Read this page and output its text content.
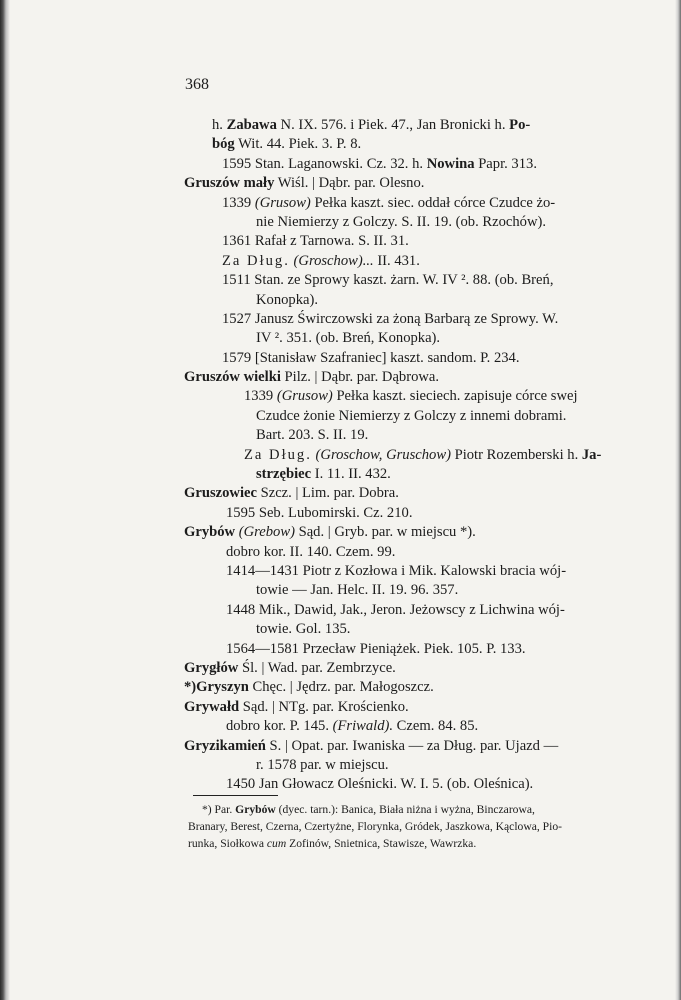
368
h. Zabawa N. IX. 576. i Piek. 47., Jan Bronicki h. Po-
bóg Wit. 44. Piek. 3. P. 8.
1595 Stan. Laganowski. Cz. 32. h. Nowina Papr. 313.
Gruszów mały Wiśl. | Dąbr. par. Olesno.
1339 (Grusow) Pełka kaszt. siec. oddał córce Czudce żo-
nie Niemierzy z Golczy. S. II. 19. (ob. Rzochów).
1361 Rafał z Tarnowa. S. II. 31.
Za Dług. (Groschow)... II. 431.
1511 Stan. ze Sprowy kaszt. żarn. W. IV ². 88. (ob. Breń,
Konopka).
1527 Janusz Świrczowski za żoną Barbarą ze Sprowy. W.
IV ². 351. (ob. Breń, Konopka).
1579 [Stanisław Szafraniec] kaszt. sandom. P. 234.
Gruszów wielki Pilz. | Dąbr. par. Dąbrowa.
1339 (Grusow) Pełka kaszt. sieciech. zapisuje córce swej
Czudce żonie Niemierzy z Golczy z innemi dobrami.
Bart. 203. S. II. 19.
Za Dług. (Groschow, Gruschow) Piotr Rozemberski h. Ja-
strzębiec I. 11. II. 432.
Gruszowiec Szcz. | Lim. par. Dobra.
1595 Seb. Lubomirski. Cz. 210.
Grybów (Grebow) Sąd. | Gryb. par. w miejscu *).
dobro kor. II. 140. Czem. 99.
1414—1431 Piotr z Kozłowa i Mik. Kalowski bracia wój-
towie — Jan. Helc. II. 19. 96. 357.
1448 Mik., Dawid, Jak., Jeron. Jeżowscy z Lichwina wój-
towie. Gol. 135.
1564—1581 Przecław Pieniążek. Piek. 105. P. 133.
Grygłów Śl. | Wad. par. Zembrzyce.
*)Gryszyn Chęc. | Jędrz. par. Małogoszcz.
Grywałd Sąd. | NTg. par. Krościenko.
dobro kor. P. 145. (Friwald). Czem. 84. 85.
Gryzikamień S. | Opat. par. Iwaniska — za Dług. par. Ujazd —
r. 1578 par. w miejscu.
1450 Jan Głowacz Oleśnicki. W. I. 5. (ob. Oleśnica).
*) Par. Grybów (dyec. tarn.): Banica, Biała niżna i wyżna, Binczarowa,
Branary, Berest, Czerna, Czertyżne, Florynka, Gródek, Jaszkowa, Kąclowa, Pio-
runka, Siołkowa cum Zofinów, Snietnica, Stawisze, Wawrzka.
